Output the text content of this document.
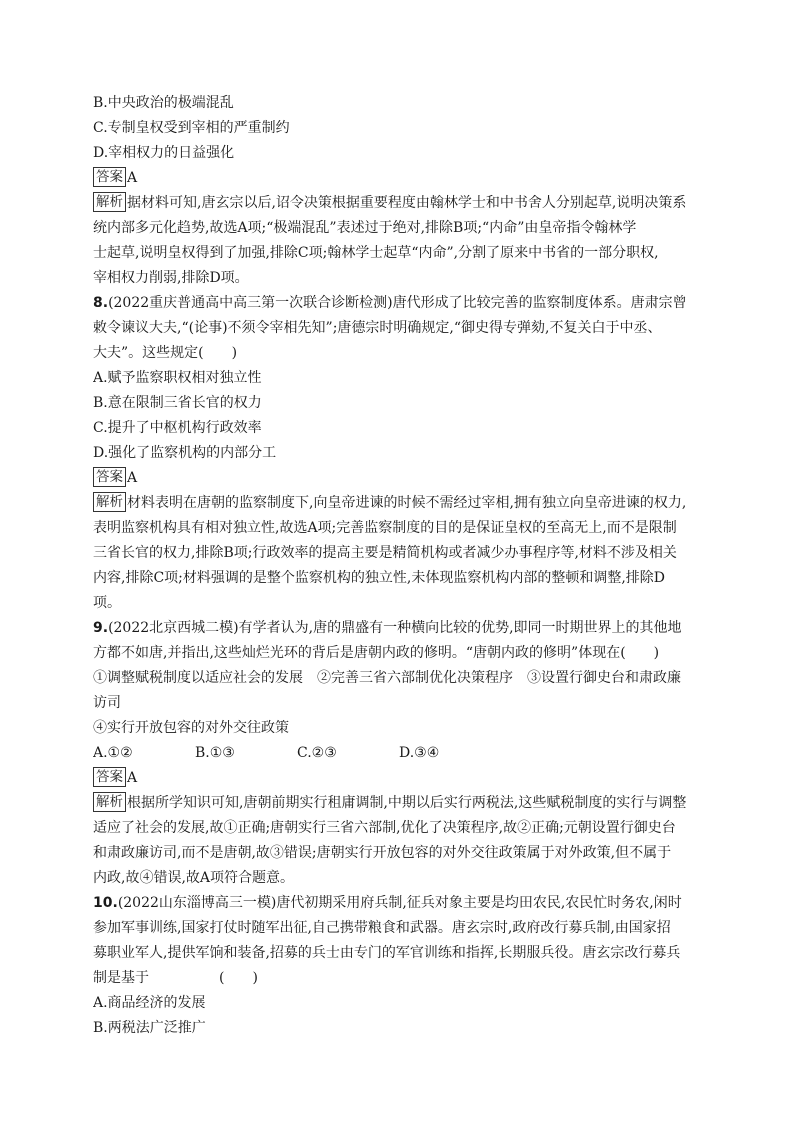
B.中央政治的极端混乱
C.专制皇权受到宰相的严重制约
D.宰相权力的日益强化
答案 A
解析 据材料可知,唐玄宗以后,诏令决策根据重要程度由翰林学士和中书舍人分别起草,说明决策系
统内部多元化趋势,故选A项;“极端混乱”表述过于绝对,排除B项;“内命”由皇帝指令翰林学
士起草,说明皇权得到了加强,排除C项;翰林学士起草“内命”,分割了原来中书省的一部分职权,
宰相权力削弱,排除D项。
8.(2022重庆普通高中高三第一次联合诊断检测)唐代形成了比较完善的监察制度体系。唐肃宗曾
敕令谏议大夫,“(论事)不须令宰相先知”;唐德宗时明确规定,“御史得专弹劾,不复关白于中丞、
大夫”。这些规定(　　)
A.赋予监察职权相对独立性
B.意在限制三省长官的权力
C.提升了中枢机构行政效率
D.强化了监察机构的内部分工
答案 A
解析 材料表明在唐朝的监察制度下,向皇帝进谏的时候不需经过宰相,拥有独立向皇帝进谏的权力,
表明监察机构具有相对独立性,故选A项;完善监察制度的目的是保证皇权的至高无上,而不是限制
三省长官的权力,排除B项;行政效率的提高主要是精简机构或者减少办事程序等,材料不涉及相关
内容,排除C项;材料强调的是整个监察机构的独立性,未体现监察机构内部的整顿和调整,排除D
项。
9.(2022北京西城二模)有学者认为,唐的鼎盛有一种横向比较的优势,即同一时期世界上的其他地
方都不如唐,并指出,这些灿烂光环的背后是唐朝内政的修明。“唐朝内政的修明”体现在(　　)
①调整赋税制度以适应社会的发展　②完善三省六部制优化决策程序　③设置行御史台和肃政廉
访司
④实行开放包容的对外交往政策
A.①②	B.①③	C.②③	D.③④
答案 A
解析 根据所学知识可知,唐朝前期实行租庸调制,中期以后实行两税法,这些赋税制度的实行与调整
适应了社会的发展,故①正确;唐朝实行三省六部制,优化了决策程序,故②正确;元朝设置行御史台
和肃政廉访司,而不是唐朝,故③错误;唐朝实行开放包容的对外交往政策属于对外政策,但不属于
内政,故④错误,故A项符合题意。
10.(2022山东淄博高三一模)唐代初期采用府兵制,征兵对象主要是均田农民,农民忙时务农,闲时
参加军事训练,国家打仗时随军出征,自己携带粮食和武器。唐玄宗时,政府改行募兵制,由国家招
募职业军人,提供军饷和装备,招募的兵士由专门的军官训练和指挥,长期服兵役。唐玄宗改行募兵
制是基于	(　　)
A.商品经济的发展
B.两税法广泛推广
